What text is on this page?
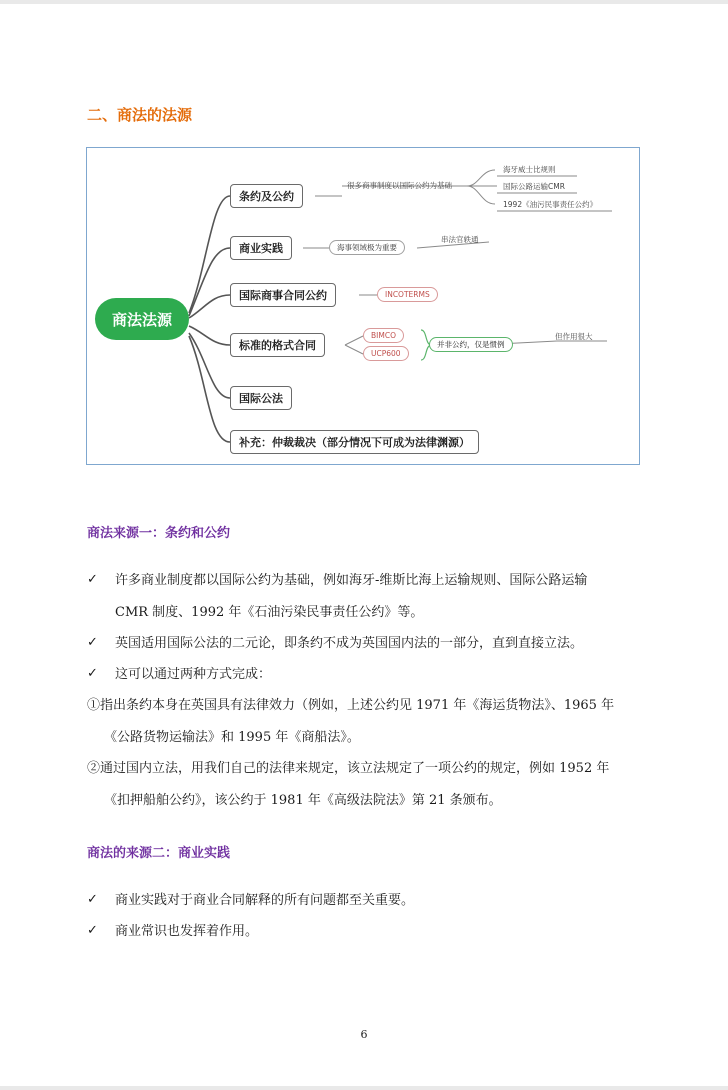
二、商法的法源
商法法源
条约及公约
商业实践
国际商事合同公约
标准的格式合同
国际公法
补充：仲裁裁决（部分情况下可成为法律渊源）
很多商事制度以国际公约为基础
海牙威士比规则
国际公路运输CMR
1992《油污民事责任公约》
海事领域极为重要
串法官轶通
INCOTERMS
BIMCO
UCP600
并非公约，仅是惯例
但作用很大
商法来源一：条约和公约
✓ 许多商业制度都以国际公约为基础，例如海牙-维斯比海上运输规则、国际公路运输
CMR 制度、1992 年《石油污染民事责任公约》等。
✓ 英国适用国际公法的二元论，即条约不成为英国国内法的一部分，直到直接立法。
✓ 这可以通过两种方式完成：
①指出条约本身在英国具有法律效力（例如，上述公约见 1971 年《海运货物法》、1965 年
《公路货物运输法》和 1995 年《商船法》。
②通过国内立法，用我们自己的法律来规定，该立法规定了一项公约的规定，例如 1952 年
《扣押船舶公约》，该公约于 1981 年《高级法院法》第 21 条颁布。
商法的来源二：商业实践
✓ 商业实践对于商业合同解释的所有问题都至关重要。
✓ 商业常识也发挥着作用。
6
